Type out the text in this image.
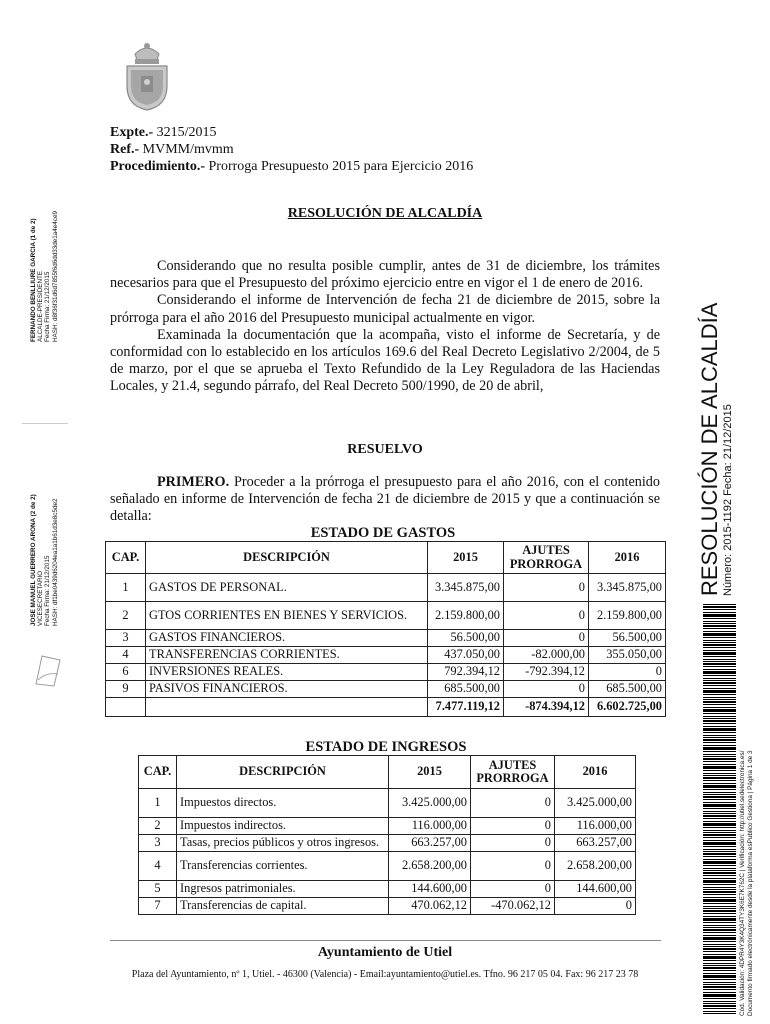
Expte.- 3215/2015
Ref.- MVMM/mvmm
Procedimiento.- Prorroga Presupuesto 2015 para Ejercicio 2016
RESOLUCIÓN DE ALCALDÍA

Considerando que no resulta posible cumplir, antes de 31 de diciembre, los trámites necesarios para que el Presupuesto del próximo ejercicio entre en vigor el 1 de enero de 2016.

Considerando el informe de Intervención de fecha 21 de diciembre de 2015, sobre la prórroga para el año 2016 del Presupuesto municipal actualmente en vigor.

Examinada la documentación que la acompaña, visto el informe de Secretaría, y de conformidad con lo establecido en los artículos 169.6 del Real Decreto Legislativo 2/2004, de 5 de marzo, por el que se aprueba el Texto Refundido de la Ley Reguladora de las Haciendas Locales, y 21.4, segundo párrafo, del Real Decreto 500/1990, de 20 de abril,

RESUELVO

PRIMERO. Proceder a la prórroga el presupuesto para el año 2016, con el contenido señalado en informe de Intervención de fecha 21 de diciembre de 2015 y que a continuación se detalla:

ESTADO DE GASTOS
CAP.	DESCRIPCIÓN	2015	AJUTES PRORROGA	2016
1	GASTOS DE PERSONAL.	3.345.875,00	0	3.345.875,00
2	GTOS CORRIENTES EN BIENES Y SERVICIOS.	2.159.800,00	0	2.159.800,00
3	GASTOS FINANCIEROS.	56.500,00	0	56.500,00
4	TRANSFERENCIAS CORRIENTES.	437.050,00	-82.000,00	355.050,00
6	INVERSIONES REALES.	792.394,12	-792.394,12	0
9	PASIVOS FINANCIEROS.	685.500,00	0	685.500,00
		7.477.119,12	-874.394,12	6.602.725,00
ESTADO DE INGRESOS
CAP.	DESCRIPCIÓN	2015	AJUTES PRORROGA	2016
1	Impuestos directos.	3.425.000,00	0	3.425.000,00
2	Impuestos indirectos.	116.000,00	0	116.000,00
3	Tasas, precios públicos y otros ingresos.	663.257,00	0	663.257,00
4	Transferencias corrientes.	2.658.200,00	0	2.658.200,00
5	Ingresos patrimoniales.	144.600,00	0	144.600,00
7	Transferencias de capital.	470.062,12	-470.062,12	0
Ayuntamiento de Utiel
Plaza del Ayuntamiento, nº 1, Utiel. - 46300 (Valencia) - Email:ayuntamiento@utiel.es. Tfno. 96 217 05 04. Fax: 96 217 23 78
FERNANDO BENLLIURE GARCIA (1 de 2) ALCALDE-PRESIDENTE Fecha Firma: 21/12/2015 HASH: d8f36f31d6d7855f6d6dd33de1a4e4ce9
JOSE MANUEL GUERRERO ARONA (2 de 2) VICESECRETARIO Fecha Firma: 21/12/2015 HASH: df1be0439d6204ea1a1b61d3e8c5de2	RESOLUCIÓN DE ALCALDÍA Número: 2015-1192 Fecha: 21/12/2015
Cód. Validación: 4DPR4Y3K4Q34TY3K6E7K762C | Verificación: http://utiel.sedelectronica.es/ Documento firmado electrónicamente desde la plataforma esPublico Gestiona | Página 1 de 3
